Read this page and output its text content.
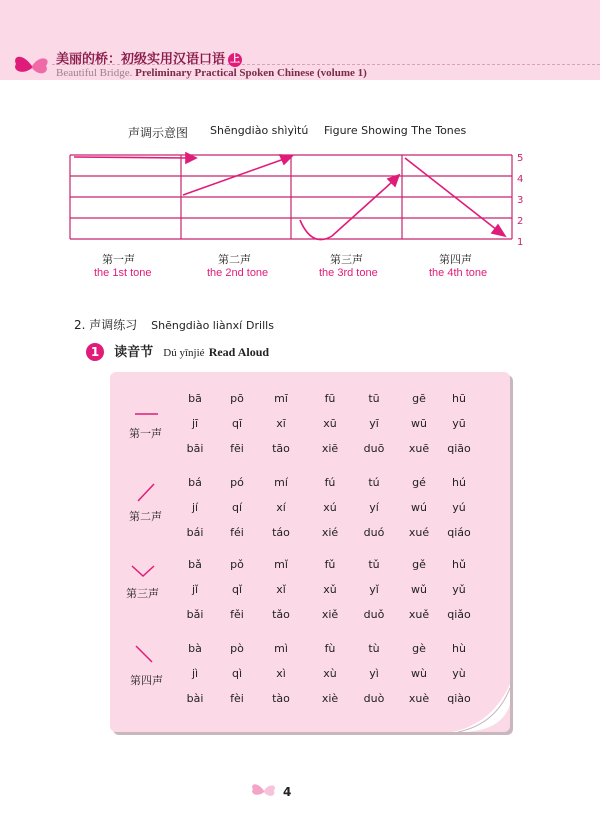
美丽的桥：初级实用汉语口语 上
Beautiful Bridge. Preliminary Practical Spoken Chinese (volume 1)
声调示意图 Shēngdiào shìyìtú Figure Showing The Tones
5
4
3
2
1
第一声
the 1st tone
第二声
the 2nd tone
第三声
the 3rd tone
第四声
the 4th tone
2. 声调练习 Shēngdiào liànxí Drills
1 读音节 Dú yīnjié Read Aloud
第一声
第二声
第三声
第四声
bā	pō	mī	fū	tū	gē	hū
jī	qī	xī	xū	yī	wū	yū
bāi	fēi	tāo	xiē	duō	xuē	qiāo
bá	pó	mí	fú	tú	gé	hú
jí	qí	xí	xú	yí	wú	yú
bái	féi	táo	xié	duó	xué	qiáo
bǎ	pǒ	mǐ	fǔ	tǔ	gě	hǔ
jǐ	qǐ	xǐ	xǔ	yǐ	wǔ	yǔ
bǎi	fěi	tǎo	xiě	duǒ	xuě	qiǎo
bà	pò	mì	fù	tù	gè	hù
jì	qì	xì	xù	yì	wù	yù
bài	fèi	tào	xiè	duò	xuè	qiào
4
